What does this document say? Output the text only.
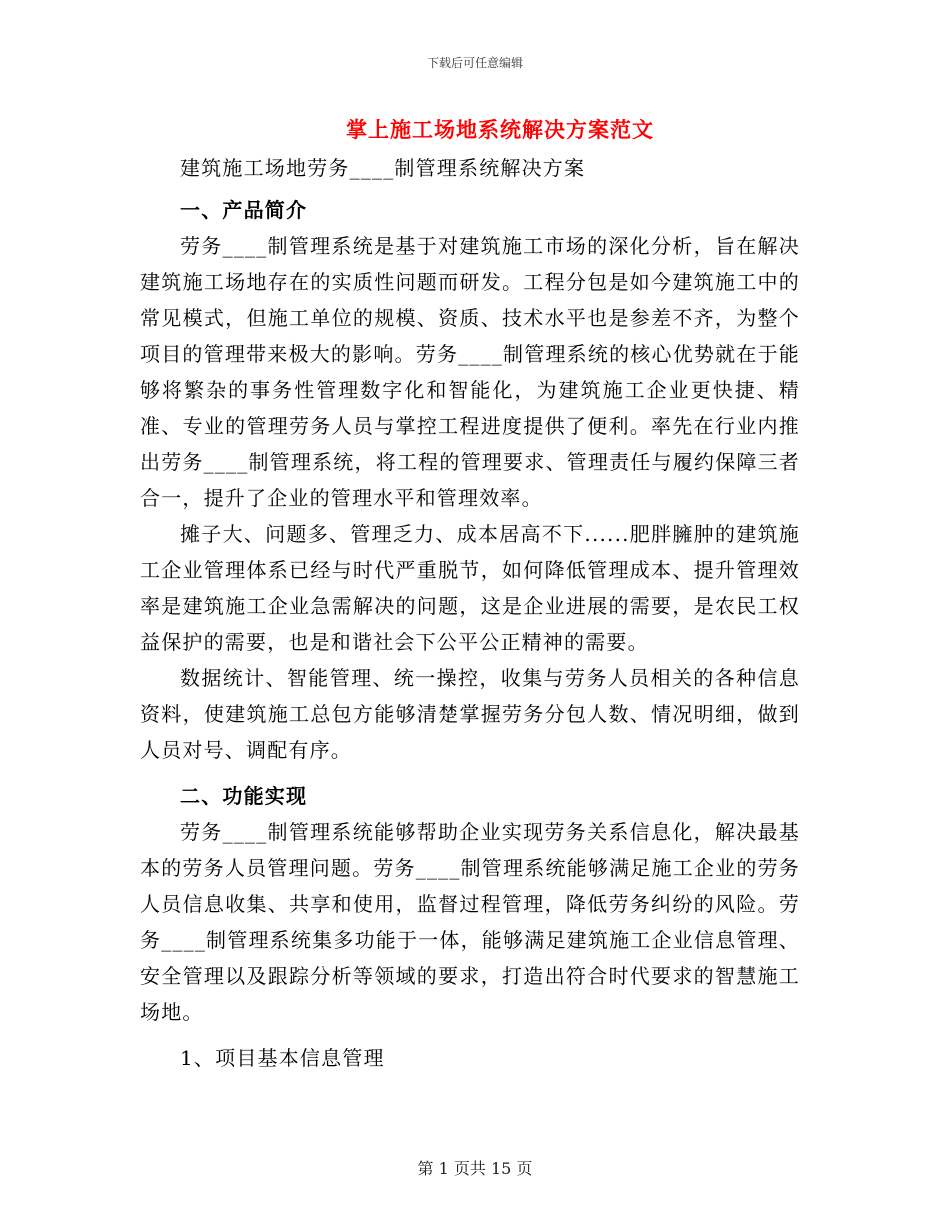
下载后可任意编辑
掌上施工场地系统解决方案范文

建筑施工场地劳务____制管理系统解决方案

一、产品简介

劳务____制管理系统是基于对建筑施工市场的深化分析，旨在解决建筑施工场地存在的实质性问题而研发。工程分包是如今建筑施工中的常见模式，但施工单位的规模、资质、技术水平也是参差不齐，为整个项目的管理带来极大的影响。劳务____制管理系统的核心优势就在于能够将繁杂的事务性管理数字化和智能化，为建筑施工企业更快捷、精准、专业的管理劳务人员与掌控工程进度提供了便利。率先在行业内推出劳务____制管理系统，将工程的管理要求、管理责任与履约保障三者合一，提升了企业的管理水平和管理效率。

摊子大、问题多、管理乏力、成本居高不下......肥胖臃肿的建筑施工企业管理体系已经与时代严重脱节，如何降低管理成本、提升管理效率是建筑施工企业急需解决的问题，这是企业进展的需要，是农民工权益保护的需要，也是和谐社会下公平公正精神的需要。

数据统计、智能管理、统一操控，收集与劳务人员相关的各种信息资料，使建筑施工总包方能够清楚掌握劳务分包人数、情况明细，做到人员对号、调配有序。

二、功能实现

劳务____制管理系统能够帮助企业实现劳务关系信息化，解决最基本的劳务人员管理问题。劳务____制管理系统能够满足施工企业的劳务人员信息收集、共享和使用，监督过程管理，降低劳务纠纷的风险。劳务____制管理系统集多功能于一体，能够满足建筑施工企业信息管理、安全管理以及跟踪分析等领域的要求，打造出符合时代要求的智慧施工场地。

1、项目基本信息管理

第 1 页共 15 页
